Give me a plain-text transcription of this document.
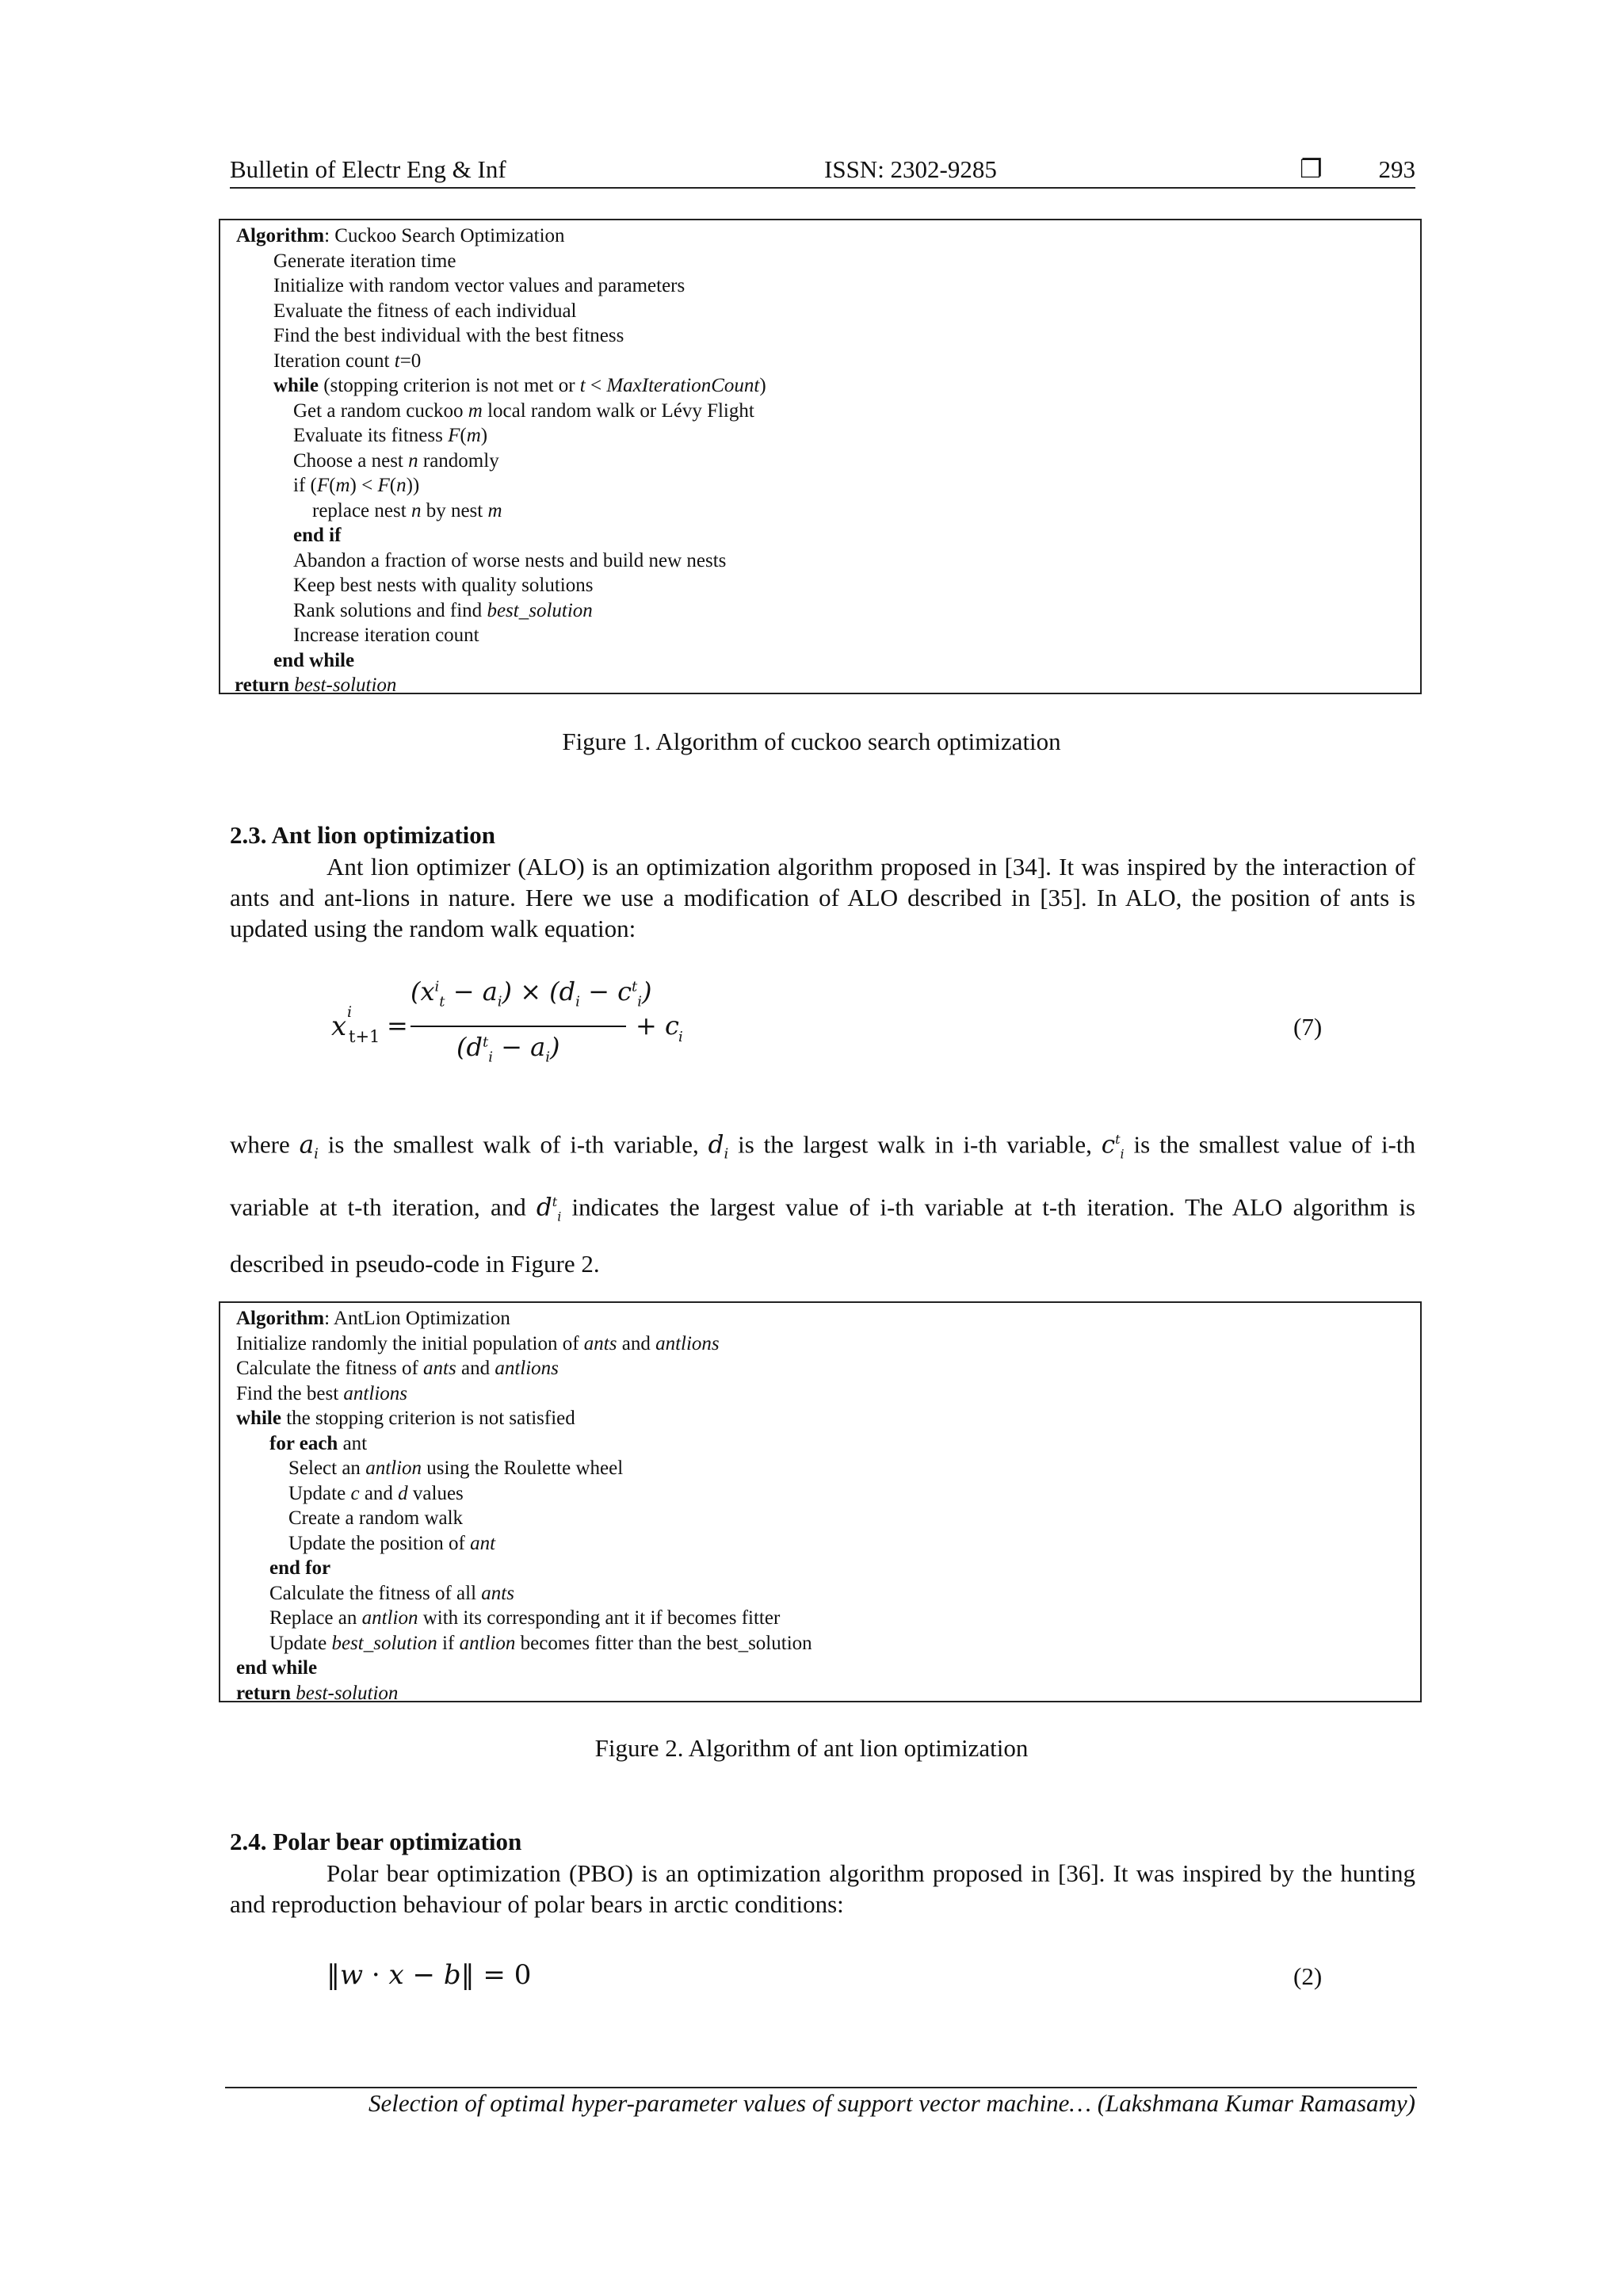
Bulletin of Electr Eng & Inf	ISSN: 2302-9285	❐ 293
Algorithm: Cuckoo Search Optimization
Generate iteration time
Initialize with random vector values and parameters
Evaluate the fitness of each individual
Find the best individual with the best fitness
Iteration count t=0
while (stopping criterion is not met or t < MaxIterationCount)
Get a random cuckoo m local random walk or Lévy Flight
Evaluate its fitness F(m)
Choose a nest n randomly
if (F(m) < F(n))
replace nest n by nest m
end if
Abandon a fraction of worse nests and build new nests
Keep best nests with quality solutions
Rank solutions and find best_solution
Increase iteration count
end while
return best-solution
Figure 1. Algorithm of cuckoo search optimization
2.3. Ant lion optimization

Ant lion optimizer (ALO) is an optimization algorithm proposed in [34]. It was inspired by the interaction of ants and ant-lions in nature. Here we use a modification of ALO described in [35]. In ALO, the position of ants is updated using the random walk equation:

x i
t+1 =
$(x^i_t - a_i) \times (d_i - c^t_i)$
$(d^t_i - a_i)$
+ c i	(7)

where $a_i$ is the smallest walk of i-th variable, $d_i$ is the largest walk in i-th variable, $c^t_i$ is the smallest value of i-th variable at t-th iteration, and $d^t_i$ indicates the largest value of i-th variable at t-th iteration. The ALO algorithm is described in pseudo-code in Figure 2.

Algorithm: AntLion Optimization
Initialize randomly the initial population of ants and antlions
Calculate the fitness of ants and antlions
Find the best antlions
while the stopping criterion is not satisfied
for each ant
Select an antlion using the Roulette wheel
Update c and d values
Create a random walk
Update the position of ant
end for
Calculate the fitness of all ants
Replace an antlion with its corresponding ant it if becomes fitter
Update best_solution if antlion becomes fitter than the best_solution
end while
return best-solution
Figure 2. Algorithm of ant lion optimization
2.4. Polar bear optimization

Polar bear optimization (PBO) is an optimization algorithm proposed in [36]. It was inspired by the hunting and reproduction behaviour of polar bears in arctic conditions:

‖w · x − b‖ = 0	(2)
Selection of optimal hyper-parameter values of support vector machine… (Lakshmana Kumar Ramasamy)
